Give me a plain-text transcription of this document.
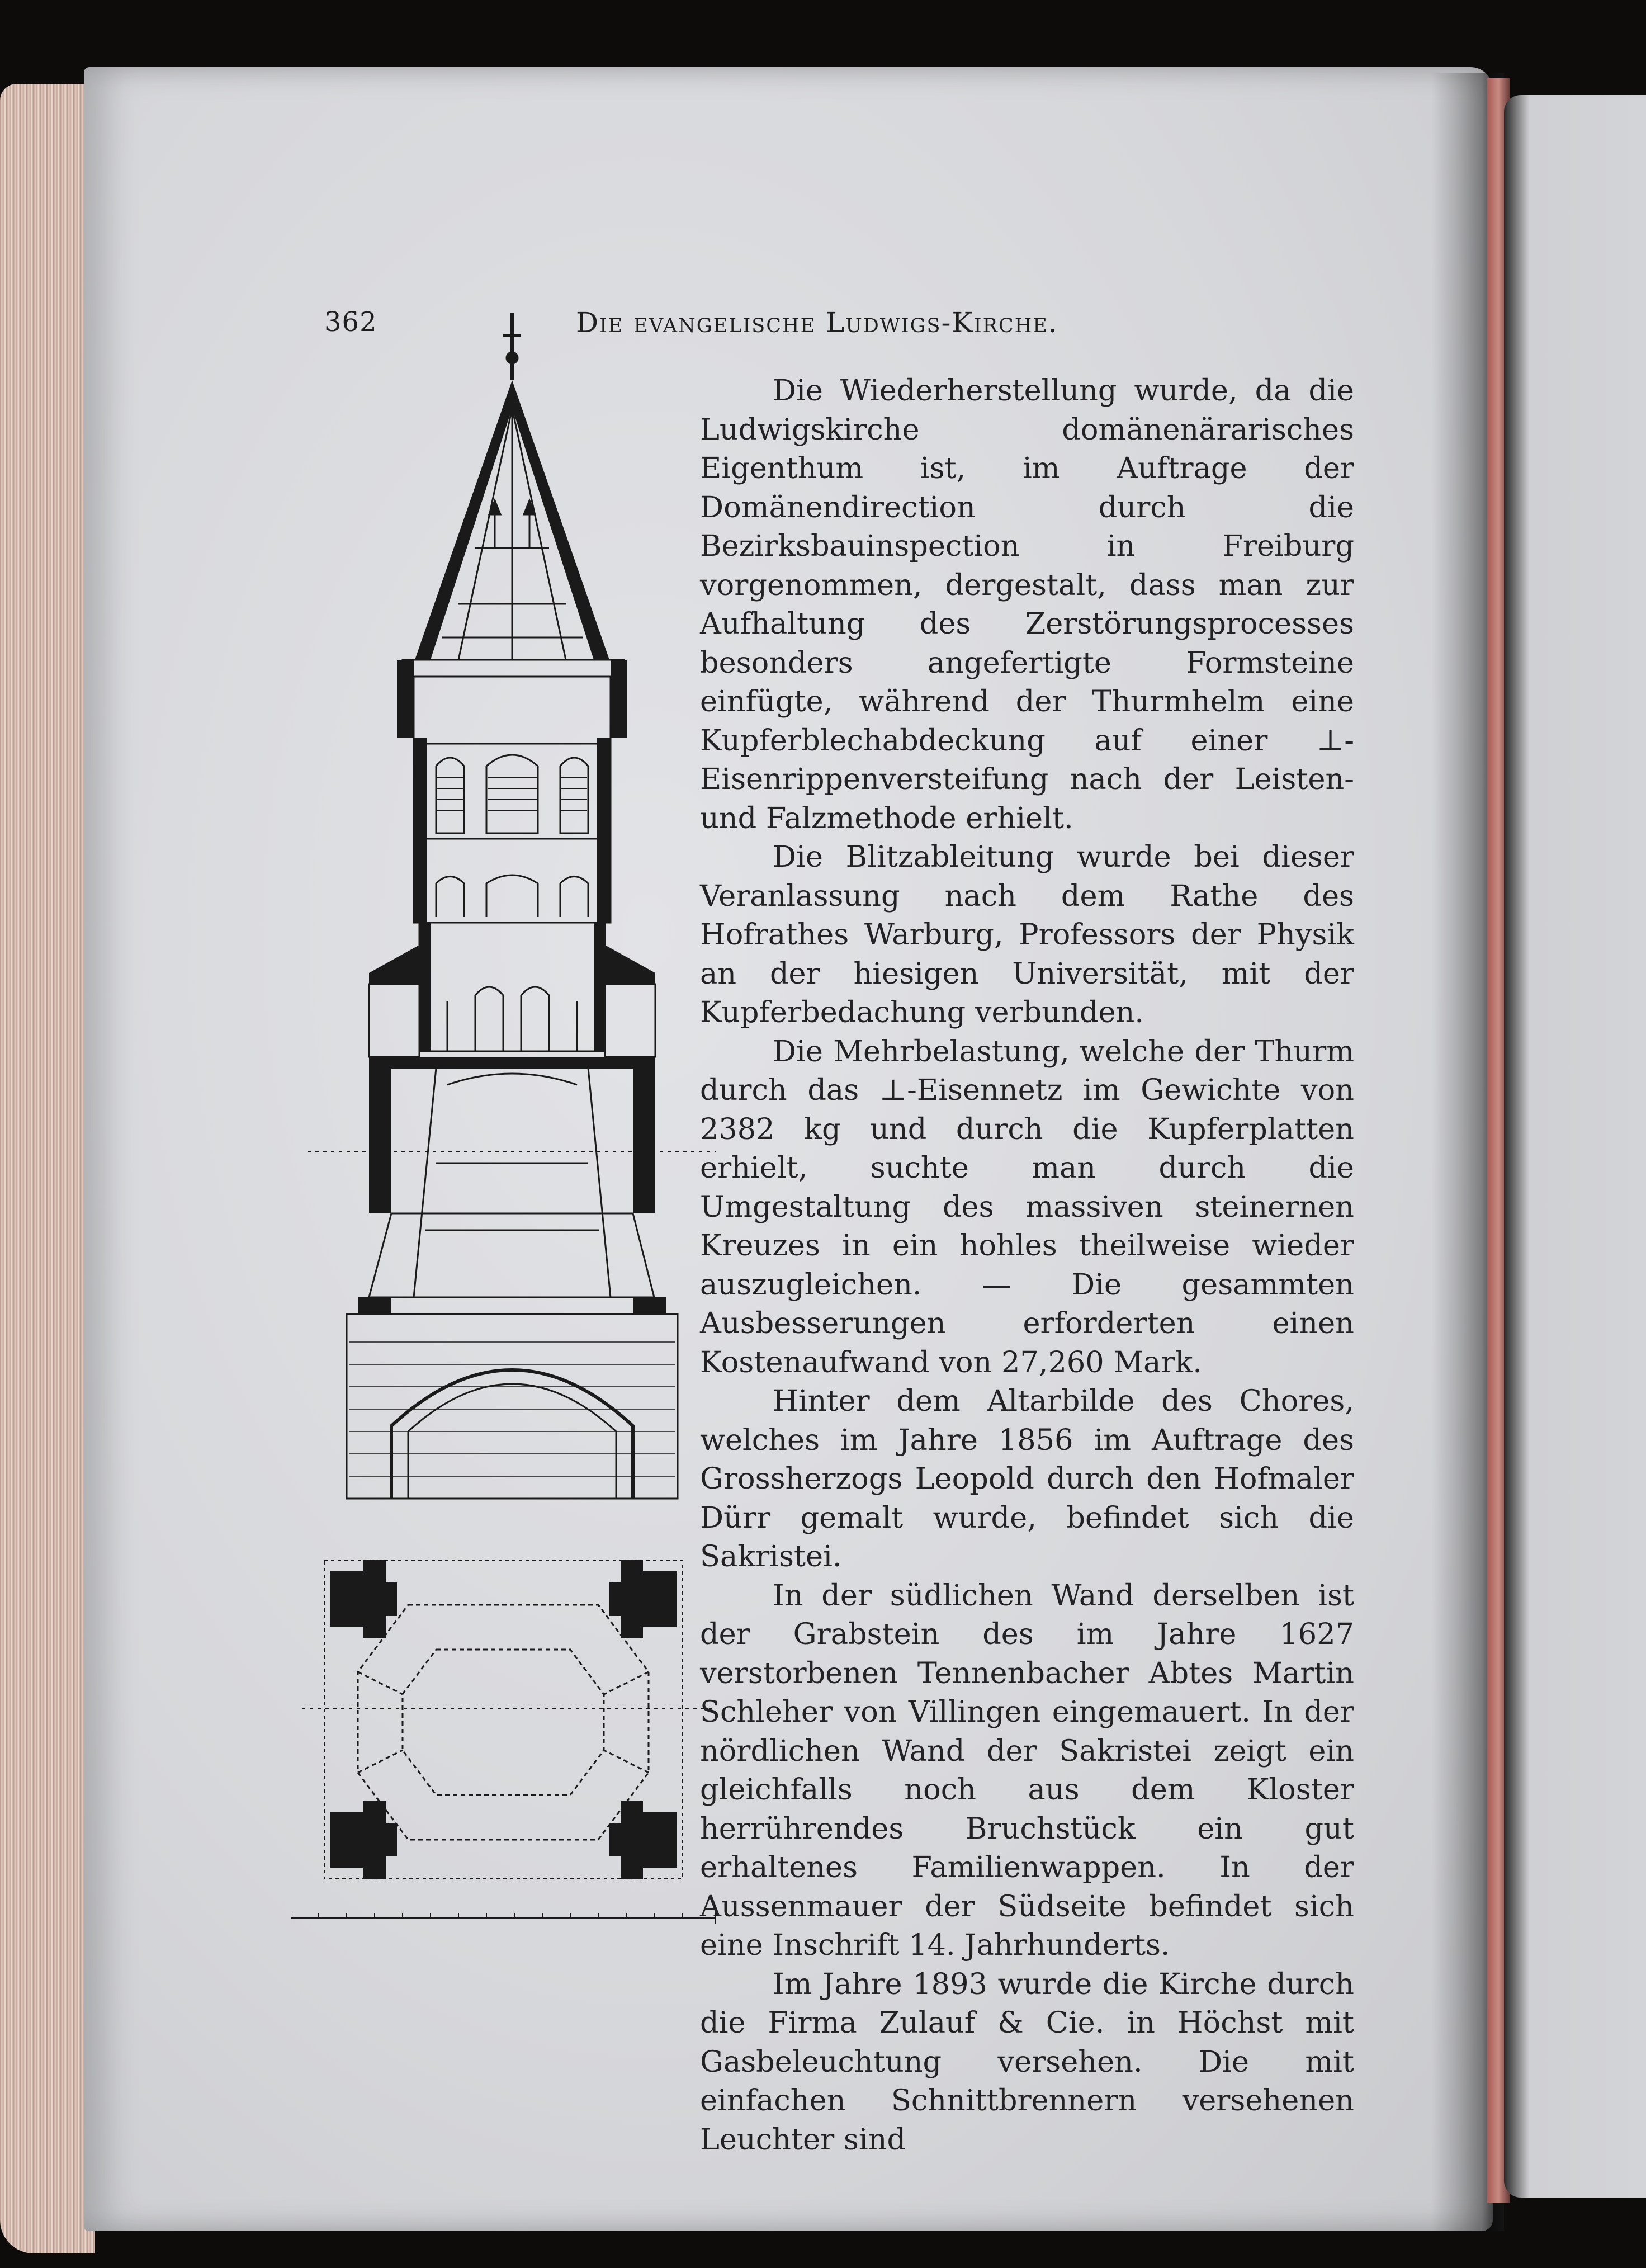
362	Die evangelische Ludwigs-Kirche.

Die Wiederherstellung wurde, da die Ludwigskirche domänenärarisches Eigenthum ist, im Auftrage der Domänendirection durch die Bezirksbauinspection in Freiburg vorgenommen, dergestalt, dass man zur Aufhaltung des Zerstörungsprocesses besonders angefertigte Formsteine einfügte, während der Thurmhelm eine Kupferblechabdeckung auf einer ⊥-Eisenrippenversteifung nach der Leisten- und Falzmethode erhielt.

Die Blitzableitung wurde bei dieser Veranlassung nach dem Rathe des Hofrathes Warburg, Professors der Physik an der hiesigen Universität, mit der Kupferbedachung verbunden.

Die Mehrbelastung, welche der Thurm durch das ⊥-Eisennetz im Gewichte von 2382 kg und durch die Kupferplatten erhielt, suchte man durch die Umgestaltung des massiven steinernen Kreuzes in ein hohles theilweise wieder auszugleichen. — Die gesammten Ausbesserungen erforderten einen Kostenaufwand von 27,260 Mark.

Hinter dem Altarbilde des Chores, welches im Jahre 1856 im Auftrage des Grossherzogs Leopold durch den Hofmaler Dürr gemalt wurde, befindet sich die Sakristei.

In der südlichen Wand derselben ist der Grabstein des im Jahre 1627 verstorbenen Tennenbacher Abtes Martin Schleher von Villingen eingemauert. In der nördlichen Wand der Sakristei zeigt ein gleichfalls noch aus dem Kloster herrührendes Bruchstück ein gut erhaltenes Familienwappen. In der Aussenmauer der Südseite befindet sich eine Inschrift 14. Jahrhunderts.

Im Jahre 1893 wurde die Kirche durch die Firma Zulauf & Cie. in Höchst mit Gasbeleuchtung versehen. Die mit einfachen Schnittbrennern versehenen Leuchter sind
